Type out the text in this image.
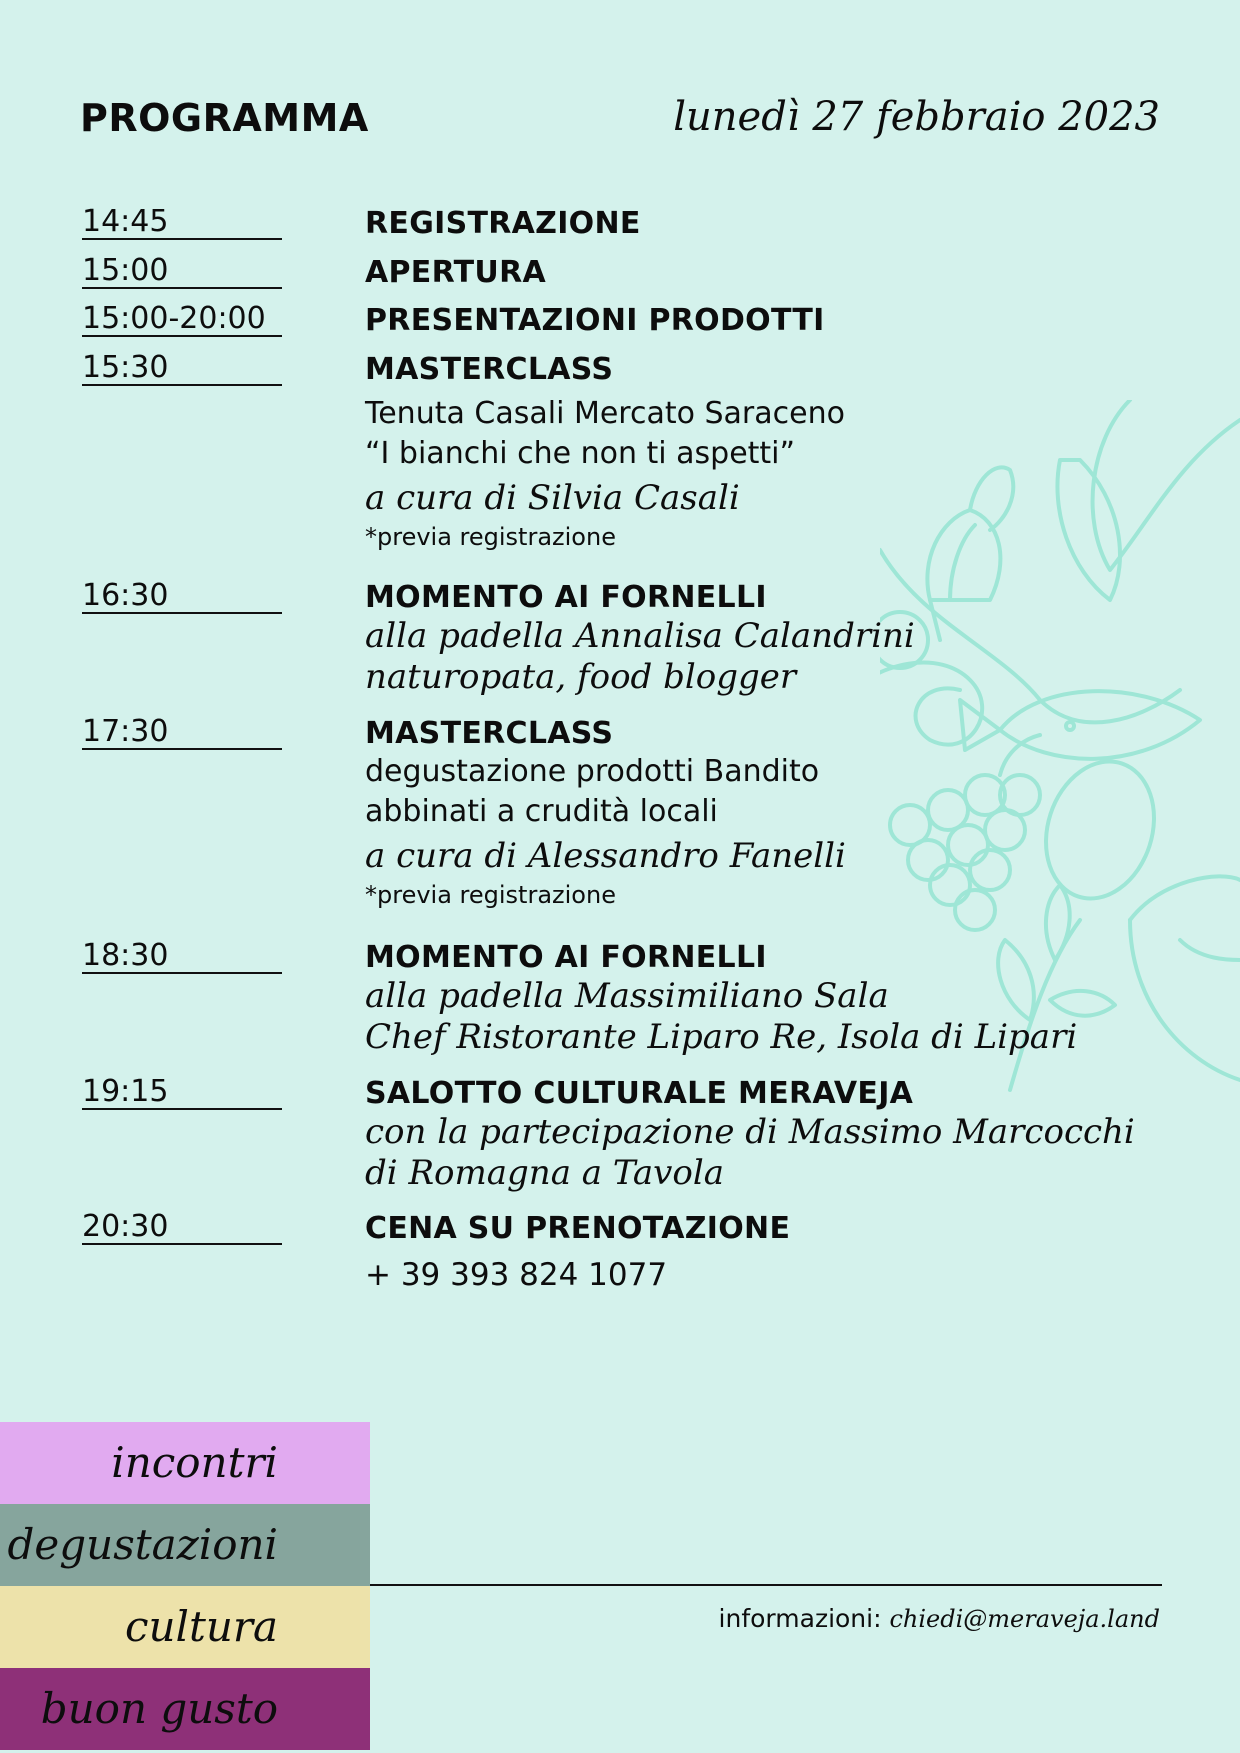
PROGRAMMA	lunedì 27 febbraio 2023
14:45	REGISTRAZIONE
15:00	APERTURA
15:00-20:00	PRESENTAZIONI PRODOTTI
15:30	MASTERCLASS
Tenuta Casali Mercato Saraceno
“I bianchi che non ti aspetti”
a cura di Silvia Casali
*previa registrazione
16:30	MOMENTO AI FORNELLI
alla padella Annalisa Calandrini
naturopata, food blogger
17:30	MASTERCLASS
degustazione prodotti Bandito
abbinati a crudità locali
a cura di Alessandro Fanelli
*previa registrazione
18:30	MOMENTO AI FORNELLI
alla padella Massimiliano Sala
Chef Ristorante Liparo Re, Isola di Lipari
19:15	SALOTTO CULTURALE MERAVEJA
con la partecipazione di Massimo Marcocchi
di Romagna a Tavola
20:30	CENA SU PRENOTAZIONE
+ 39 393 824 1077
incontri
degustazioni
cultura
buon gusto
informazioni: chiedi@meraveja.land
